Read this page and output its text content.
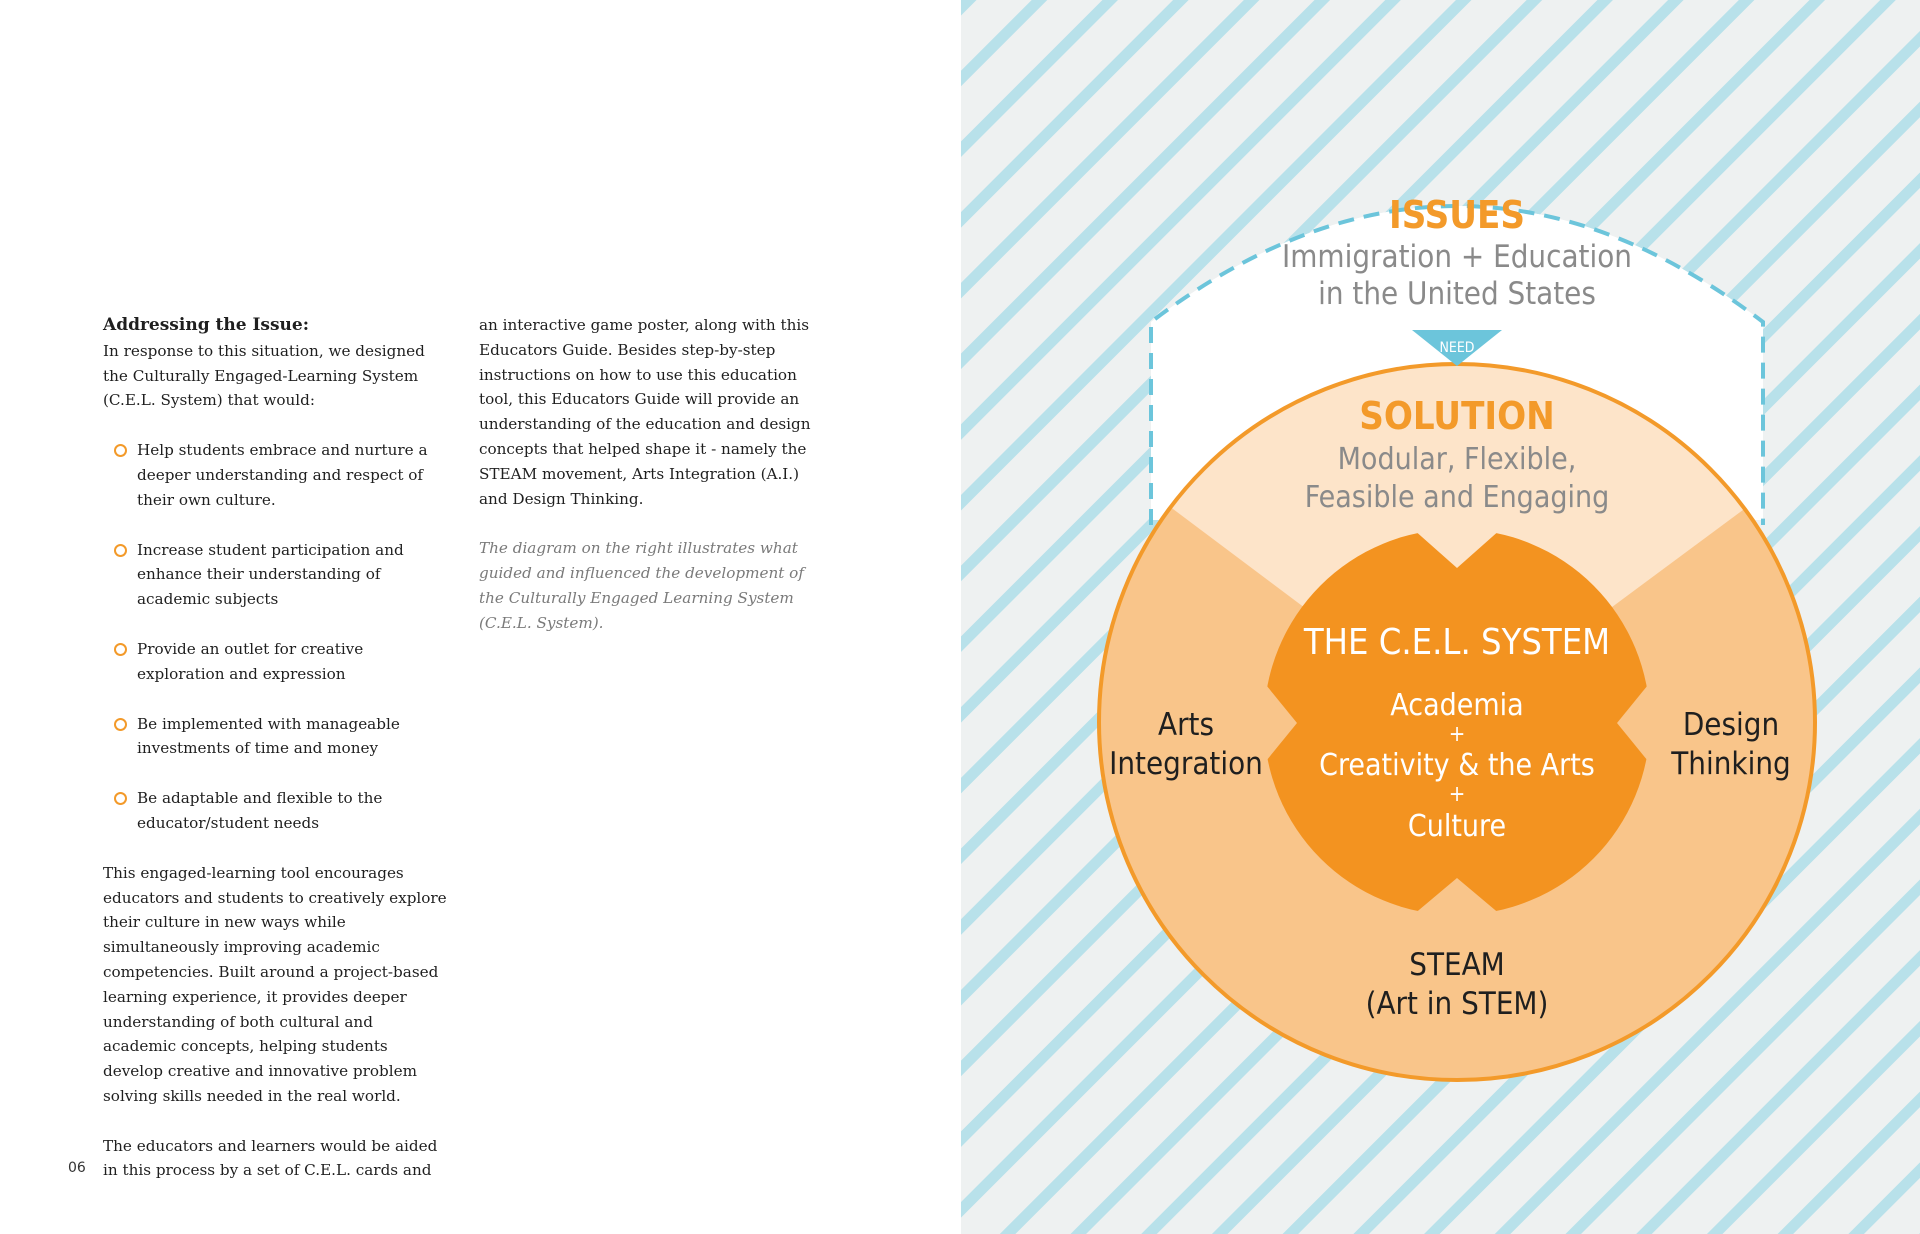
Addressing the Issue:

In response to this situation, we designed the Culturally Engaged-Learning System (C.E.L. System) that would:

Help students embrace and nurture a deeper understanding and respect of their own culture.
Increase student participation and enhance their understanding of academic subjects
Provide an outlet for creative exploration and expression
Be implemented with manageable investments of time and money
Be adaptable and flexible to the educator/student needs

This engaged-learning tool encourages educators and students to creatively explore their culture in new ways while simultaneously improving academic competencies. Built around a project-based learning experience, it provides deeper understanding of both cultural and academic concepts, helping students develop creative and innovative problem solving skills needed in the real world.

The educators and learners would be aided in this process by a set of C.E.L. cards and

an interactive game poster, along with this Educators Guide. Besides step-by-step instructions on how to use this education tool, this Educators Guide will provide an understanding of the education and design concepts that helped shape it - namely the STEAM movement, Arts Integration (A.I.) and Design Thinking.

The diagram on the right illustrates what guided and influenced the development of the Culturally Engaged Learning System (C.E.L. System).

06
ISSUES
Immigration + Education
in the United States
NEED
SOLUTION
Modular, Flexible,
Feasible and Engaging
THE C.E.L. SYSTEM
Academia
+
Creativity & the Arts
+
Culture
Arts
Integration
Design
Thinking
STEAM
(Art in STEM)
